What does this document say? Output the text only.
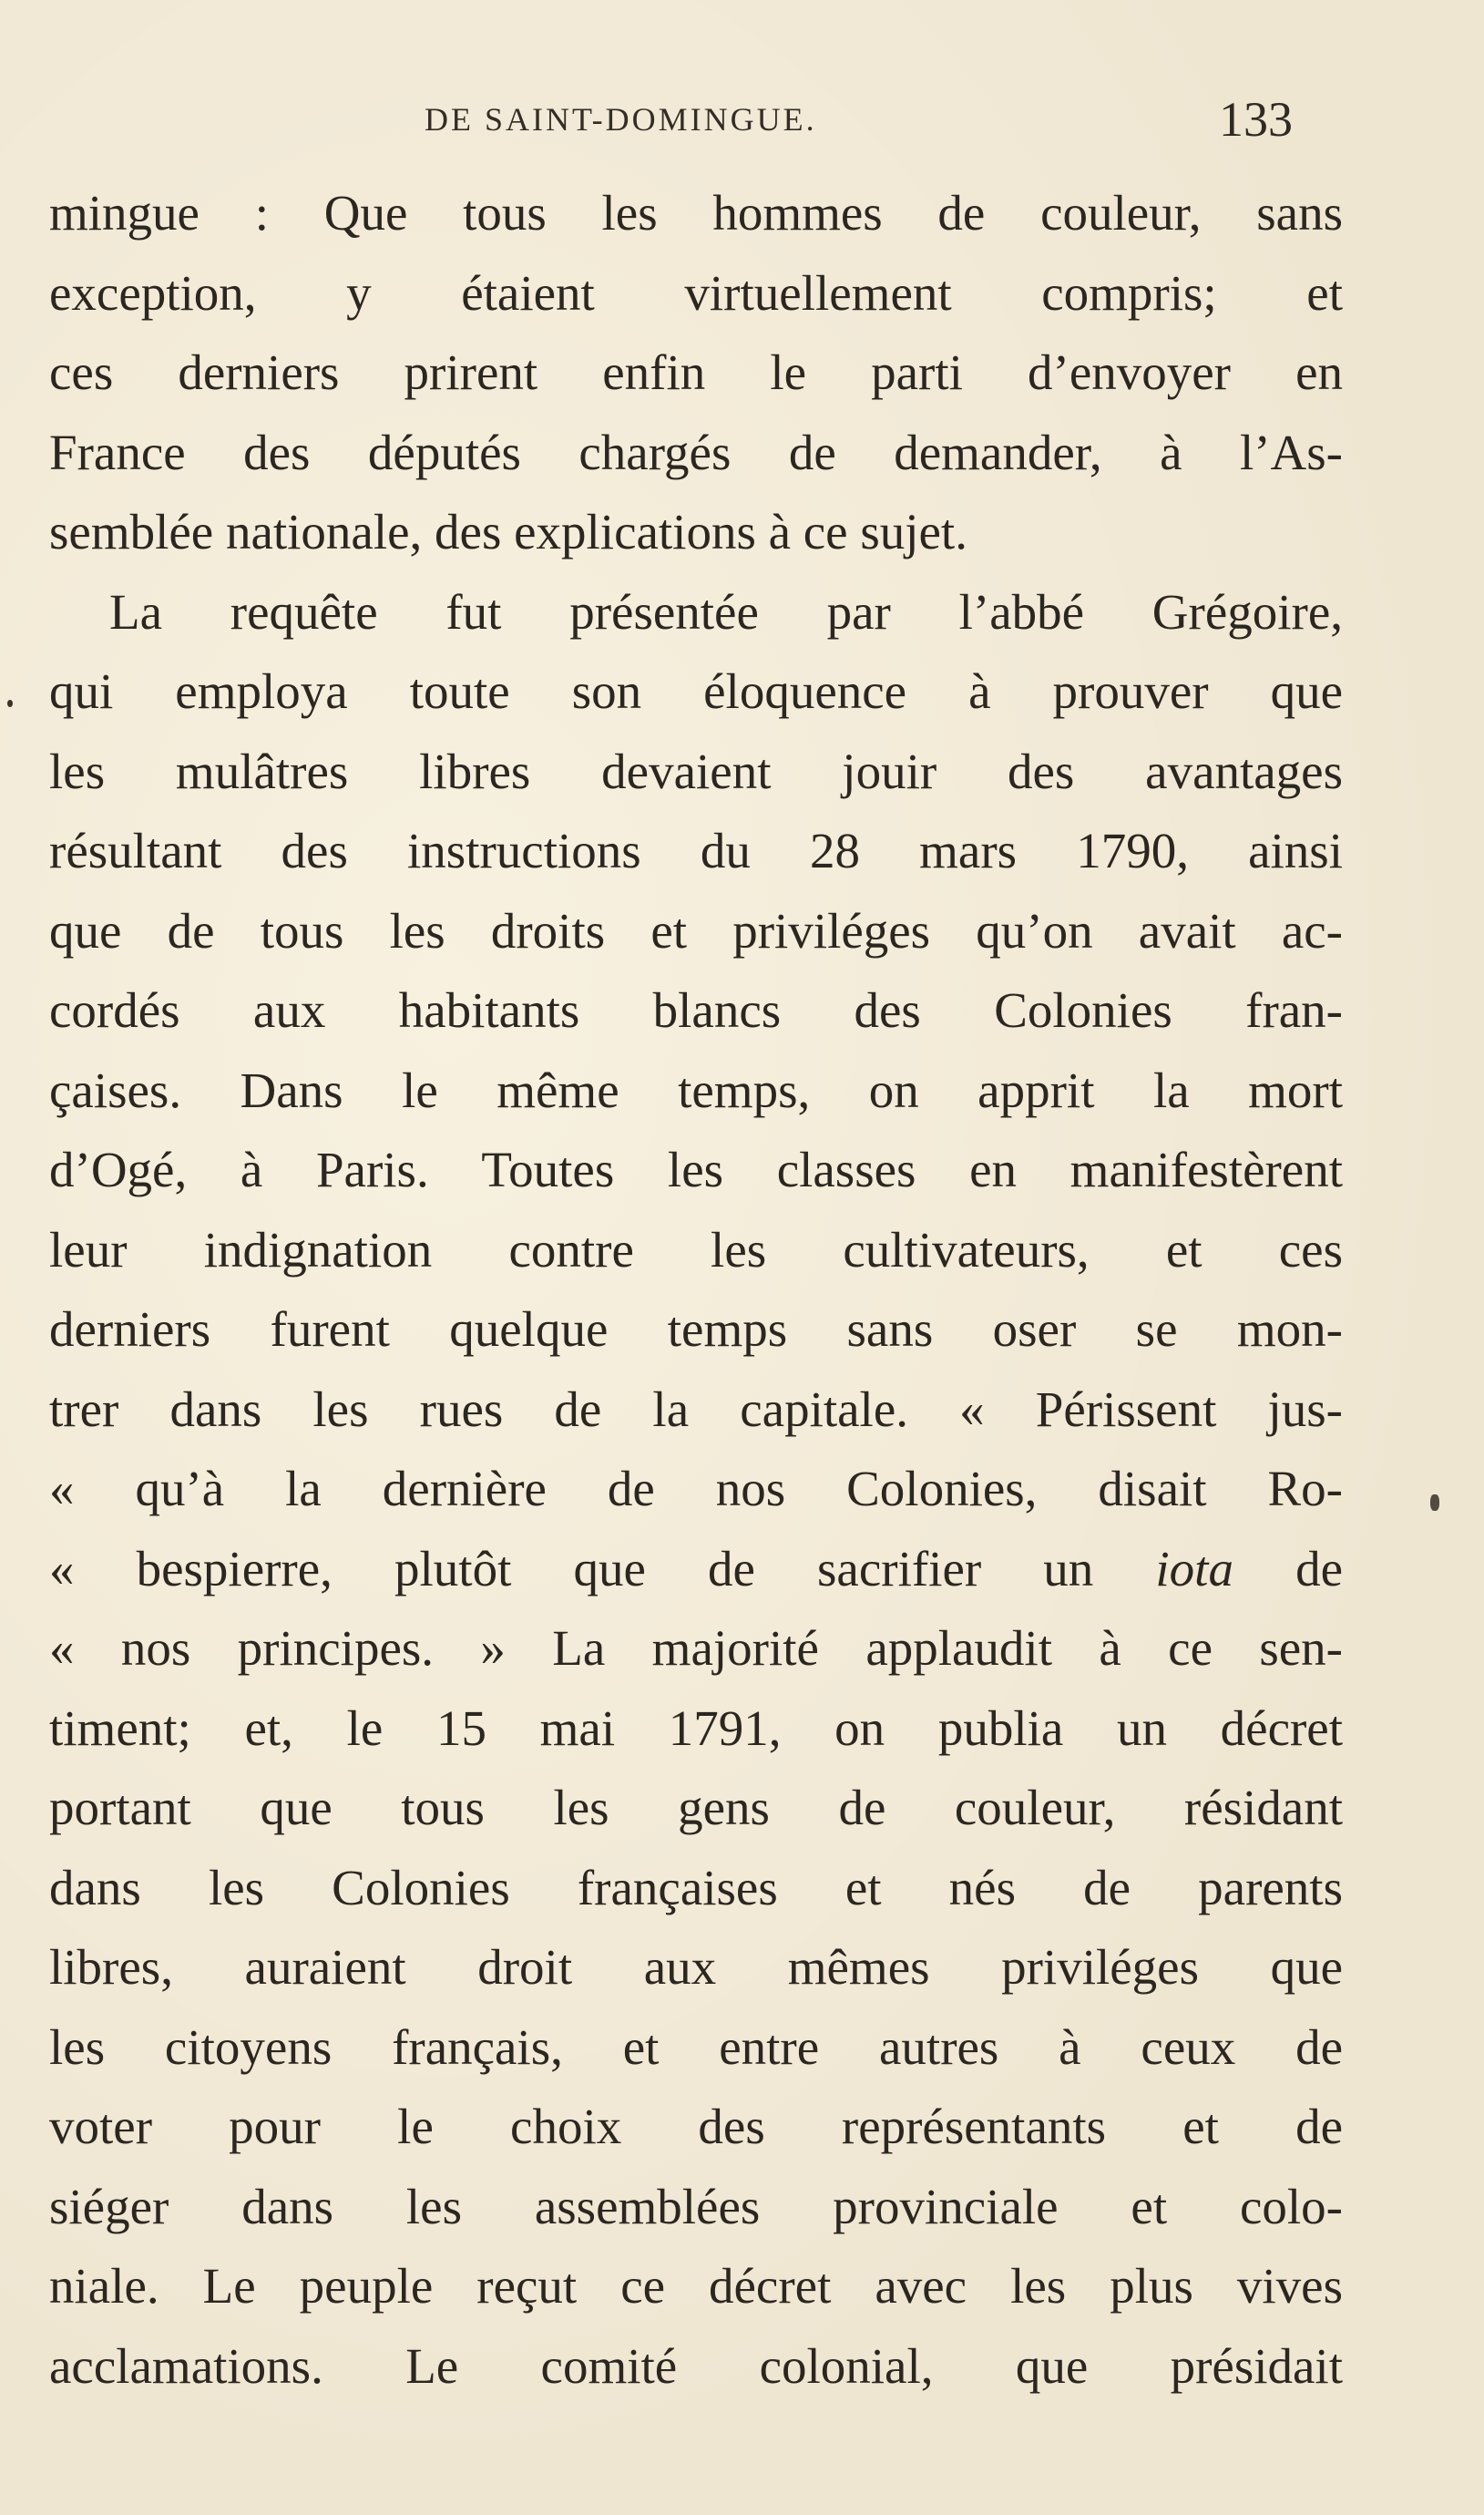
DE SAINT-DOMINGUE.	133
mingue : Que tous les hommes de couleur, sans
exception, y étaient virtuellement compris; et
ces derniers prirent enfin le parti d’envoyer en
France des députés chargés de demander, à l’As-
semblée nationale, des explications à ce sujet.
La requête fut présentée par l’abbé Grégoire,
qui employa toute son éloquence à prouver que
les mulâtres libres devaient jouir des avantages
résultant des instructions du 28 mars 1790, ainsi
que de tous les droits et priviléges qu’on avait ac-
cordés aux habitants blancs des Colonies fran-
çaises. Dans le même temps, on apprit la mort
d’Ogé, à Paris. Toutes les classes en manifestèrent
leur indignation contre les cultivateurs, et ces
derniers furent quelque temps sans oser se mon-
trer dans les rues de la capitale. « Périssent jus-
« qu’à la dernière de nos Colonies, disait Ro-
« bespierre, plutôt que de sacrifier un iota de
« nos principes. » La majorité applaudit à ce sen-
timent; et, le 15 mai 1791, on publia un décret
portant que tous les gens de couleur, résidant
dans les Colonies françaises et nés de parents
libres, auraient droit aux mêmes priviléges que
les citoyens français, et entre autres à ceux de
voter pour le choix des représentants et de
siéger dans les assemblées provinciale et colo-
niale. Le peuple reçut ce décret avec les plus vives
acclamations. Le comité colonial, que présidait
